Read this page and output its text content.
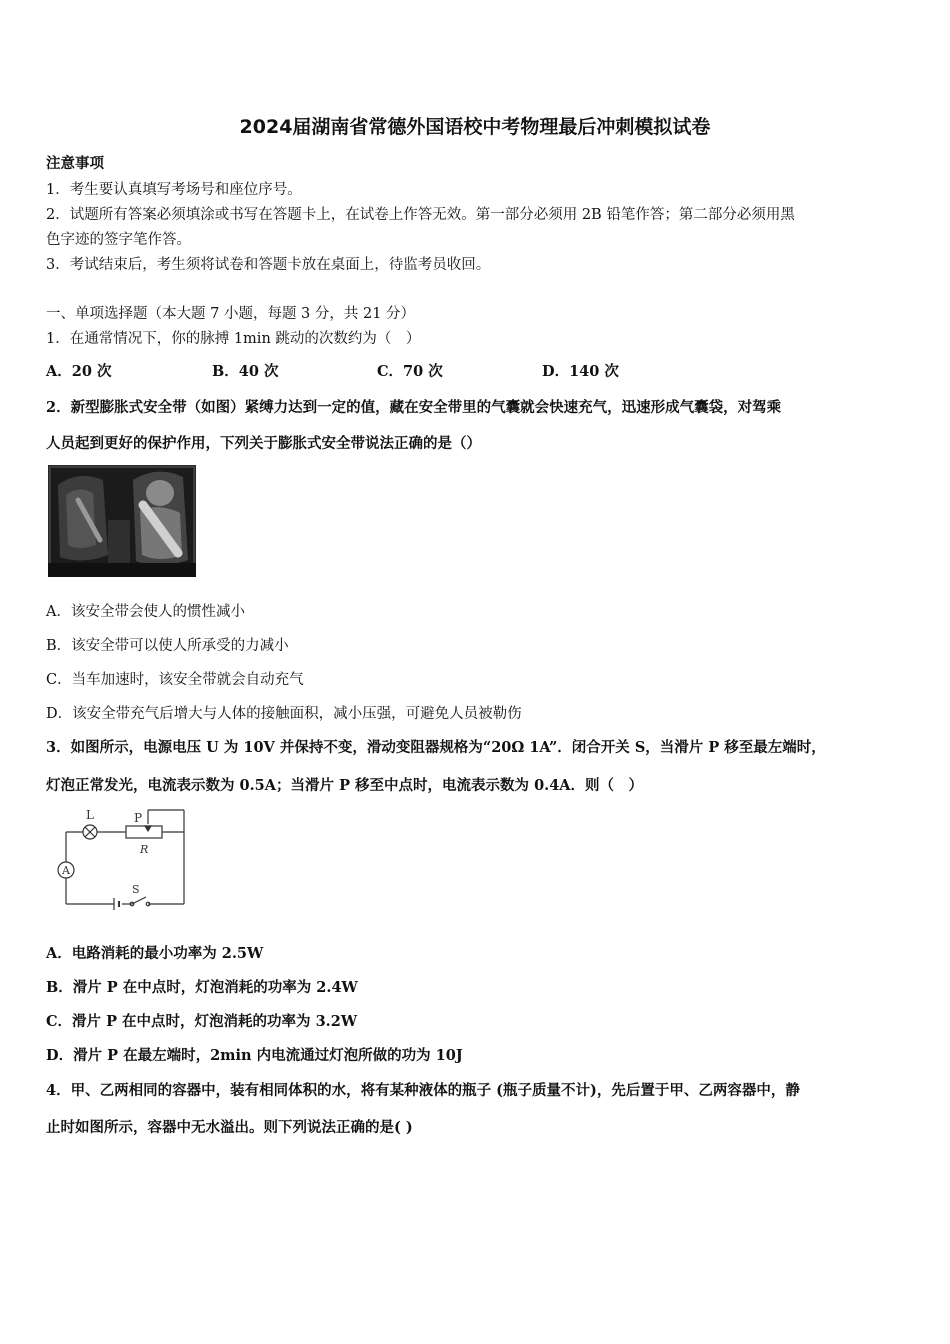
2024届湖南省常德外国语校中考物理最后冲刺模拟试卷
注意事项
1．考生要认真填写考场号和座位序号。
2．试题所有答案必须填涂或书写在答题卡上，在试卷上作答无效。第一部分必须用 2B 铅笔作答；第二部分必须用黑
色字迹的签字笔作答。
3．考试结束后，考生须将试卷和答题卡放在桌面上，待监考员收回。
一、单项选择题（本大题 7 小题，每题 3 分，共 21 分）
1．在通常情况下，你的脉搏 1min 跳动的次数约为（　）
A．20 次	B．40 次	C．70 次	D．140 次
2．新型膨胀式安全带（如图）紧缚力达到一定的值，藏在安全带里的气囊就会快速充气，迅速形成气囊袋，对驾乘
人员起到更好的保护作用，下列关于膨胀式安全带说法正确的是（）
A．该安全带会使人的惯性减小
B．该安全带可以使人所承受的力减小
C．当车加速时，该安全带就会自动充气
D．该安全带充气后增大与人体的接触面积，减小压强，可避免人员被勒伤
3．如图所示，电源电压 U 为 10V 并保持不变，滑动变阻器规格为“20Ω 1A”．闭合开关 S，当滑片 P 移至最左端时，
灯泡正常发光，电流表示数为 0.5A；当滑片 P 移至中点时，电流表示数为 0.4A．则（　）
L	P
R
A
S
A．电路消耗的最小功率为 2.5W
B．滑片 P 在中点时，灯泡消耗的功率为 2.4W
C．滑片 P 在中点时，灯泡消耗的功率为 3.2W
D．滑片 P 在最左端时，2min 内电流通过灯泡所做的功为 10J
4．甲、乙两相同的容器中，装有相同体积的水，将有某种液体的瓶子 (瓶子质量不计)，先后置于甲、乙两容器中，静
止时如图所示，容器中无水溢出。则下列说法正确的是( )
